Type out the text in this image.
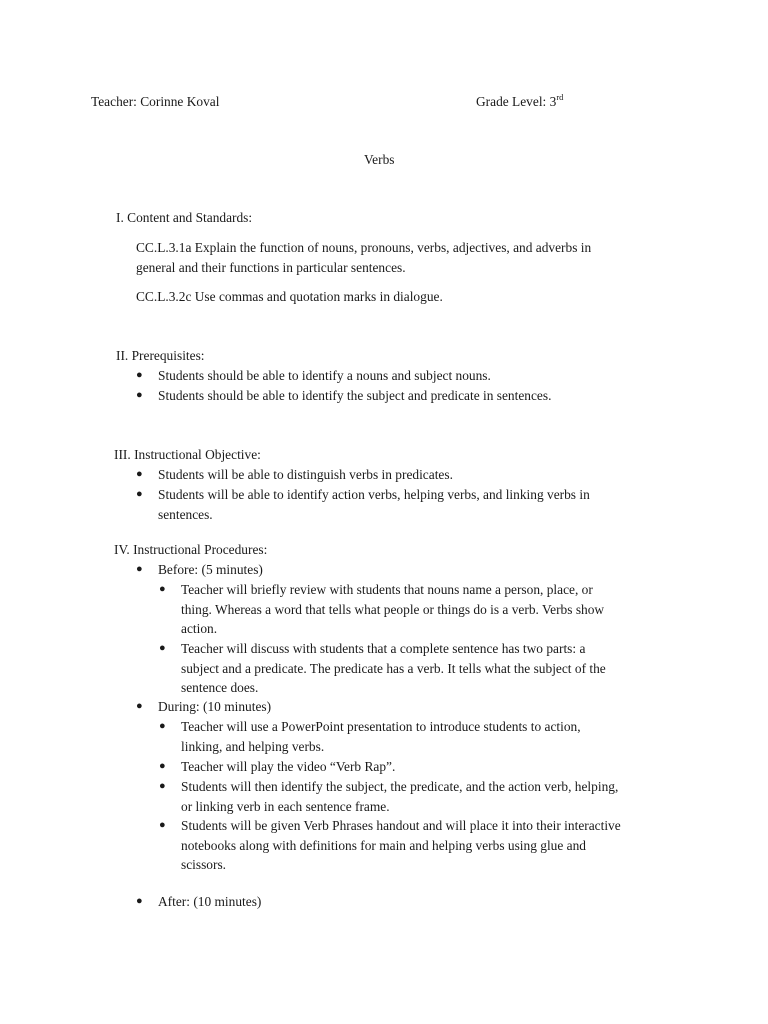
Teacher: Corinne Koval	Grade Level: 3rd
Verbs
I. Content and Standards:
CC.L.3.1a Explain the function of nouns, pronouns, verbs, adjectives, and adverbs in
general and their functions in particular sentences.
CC.L.3.2c Use commas and quotation marks in dialogue.
II. Prerequisites:
● Students should be able to identify a nouns and subject nouns.
● Students should be able to identify the subject and predicate in sentences.
III. Instructional Objective:
● Students will be able to distinguish verbs in predicates.
● Students will be able to identify action verbs, helping verbs, and linking verbs in
sentences.
IV. Instructional Procedures:
● Before: (5 minutes)
● Teacher will briefly review with students that nouns name a person, place, or
thing. Whereas a word that tells what people or things do is a verb. Verbs show
action.
● Teacher will discuss with students that a complete sentence has two parts: a
subject and a predicate. The predicate has a verb. It tells what the subject of the
sentence does.
● During: (10 minutes)
● Teacher will use a PowerPoint presentation to introduce students to action,
linking, and helping verbs.
● Teacher will play the video “Verb Rap”.
● Students will then identify the subject, the predicate, and the action verb, helping,
or linking verb in each sentence frame.
● Students will be given Verb Phrases handout and will place it into their interactive
notebooks along with definitions for main and helping verbs using glue and
scissors.
● After: (10 minutes)
